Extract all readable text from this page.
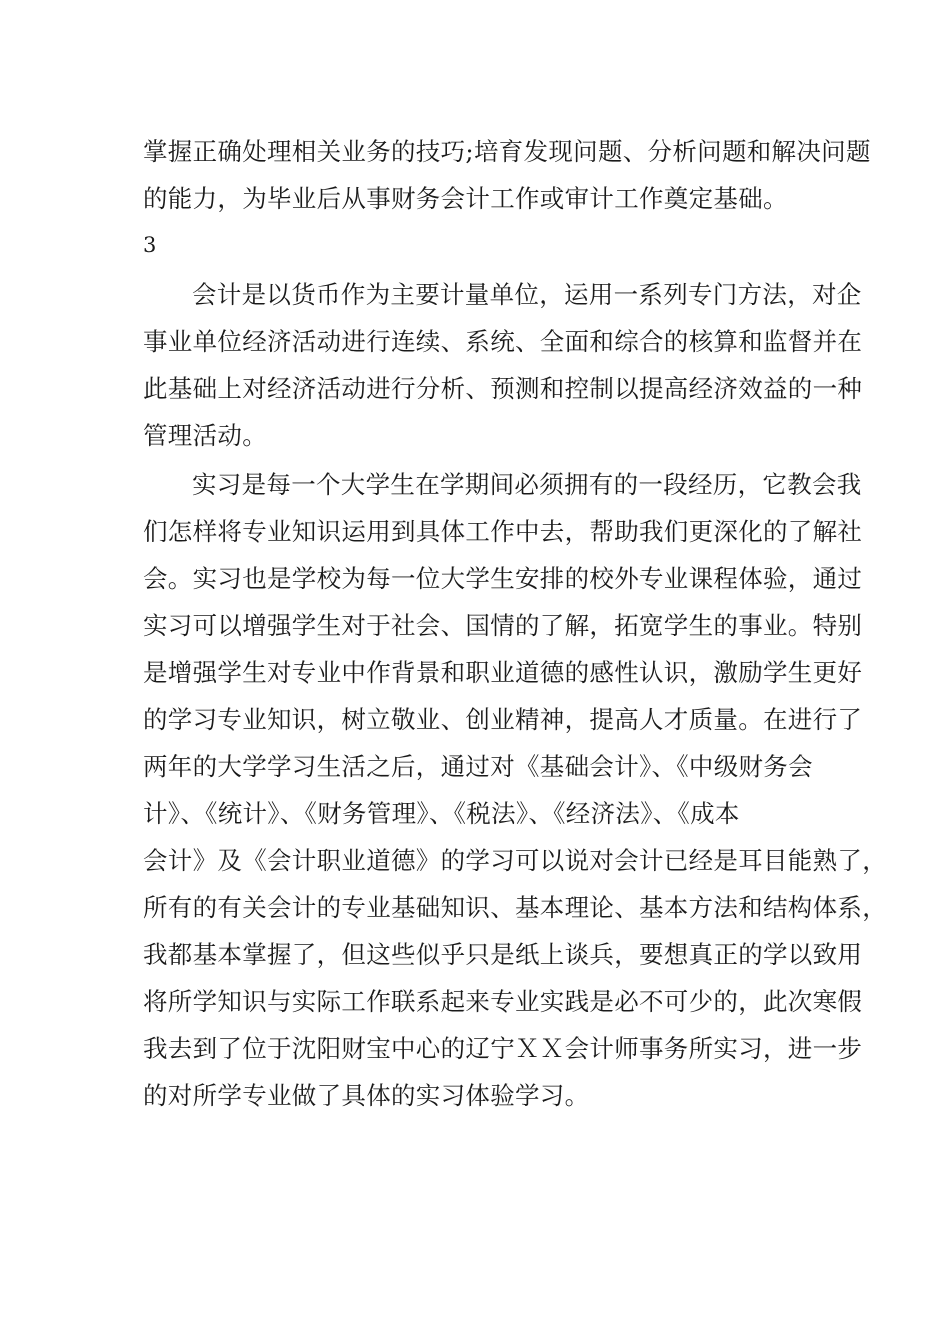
掌握正确处理相关业务的技巧;培育发现问题、分析问题和解决问题
的能力，为毕业后从事财务会计工作或审计工作奠定基础。
3
会计是以货币作为主要计量单位，运用一系列专门方法，对企
事业单位经济活动进行连续、系统、全面和综合的核算和监督并在
此基础上对经济活动进行分析、预测和控制以提高经济效益的一种
管理活动。
实习是每一个大学生在学期间必须拥有的一段经历，它教会我
们怎样将专业知识运用到具体工作中去，帮助我们更深化的了解社
会。实习也是学校为每一位大学生安排的校外专业课程体验，通过
实习可以增强学生对于社会、国情的了解，拓宽学生的事业。特别
是增强学生对专业中作背景和职业道德的感性认识，激励学生更好
的学习专业知识，树立敬业、创业精神，提高人才质量。在进行了
两年的大学学习生活之后，通过对《基础会计》、《中级财务会
计》、《统计》、《财务管理》、《税法》、《经济法》、《成本
会计》及《会计职业道德》的学习可以说对会计已经是耳目能熟了，
所有的有关会计的专业基础知识、基本理论、基本方法和结构体系，
我都基本掌握了，但这些似乎只是纸上谈兵，要想真正的学以致用
将所学知识与实际工作联系起来专业实践是必不可少的，此次寒假
我去到了位于沈阳财宝中心的辽宁ＸＸ会计师事务所实习，进一步
的对所学专业做了具体的实习体验学习。
